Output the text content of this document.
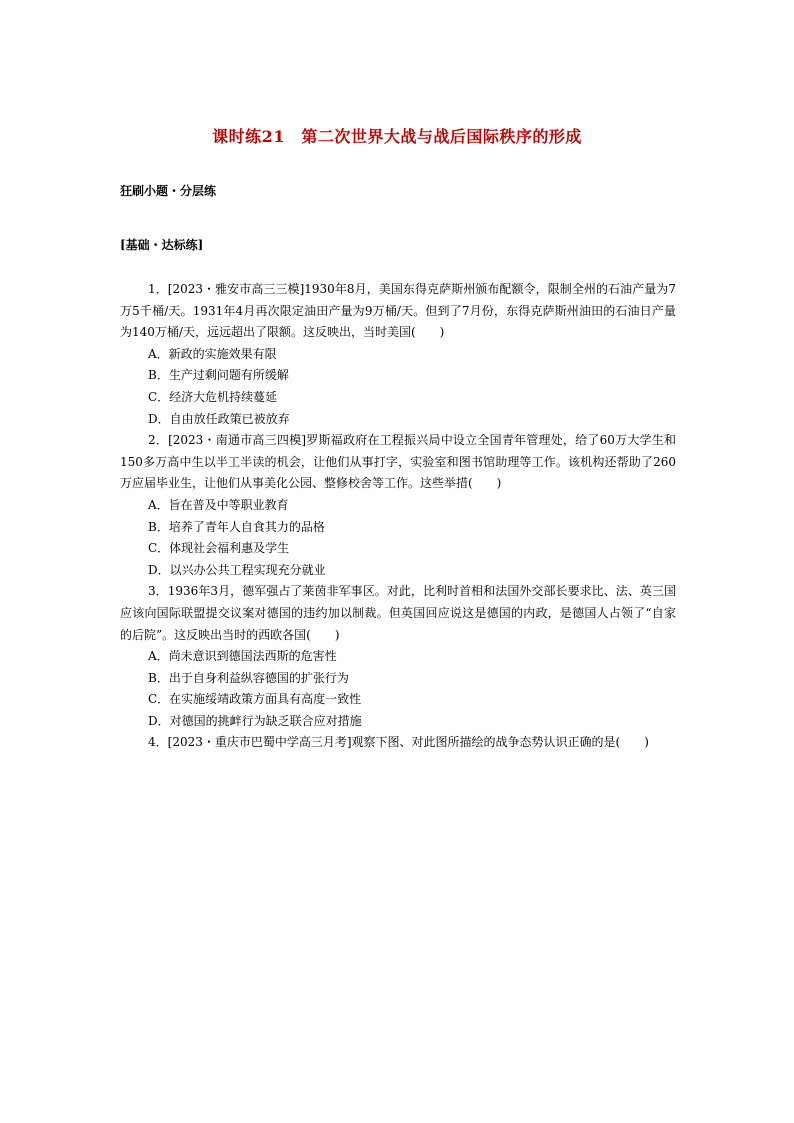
课时练21　第二次世界大战与战后国际秩序的形成
狂刷小题・分层练
[基础・达标练]

1．[2023・雅安市高三三模]1930年8月，美国东得克萨斯州颁布配额令，限制全州的石油产量为7万5千桶/天。1931年4月再次限定油田产量为9万桶/天。但到了7月份，东得克萨斯州油田的石油日产量为140万桶/天，远远超出了限额。这反映出，当时美国(　　)

A．新政的实施效果有限

B．生产过剩问题有所缓解

C．经济大危机持续蔓延

D．自由放任政策已被放弃

2．[2023・南通市高三四模]罗斯福政府在工程振兴局中设立全国青年管理处，给了60万大学生和150多万高中生以半工半读的机会，让他们从事打字，实验室和图书馆助理等工作。该机构还帮助了260万应届毕业生，让他们从事美化公园、整修校舍等工作。这些举措(　　)

A．旨在普及中等职业教育

B．培养了青年人自食其力的品格

C．体现社会福利惠及学生

D．以兴办公共工程实现充分就业

3．1936年3月，德军强占了莱茵非军事区。对此，比利时首相和法国外交部长要求比、法、英三国应该向国际联盟提交议案对德国的违约加以制裁。但英国回应说这是德国的内政，是德国人占领了“自家的后院”。这反映出当时的西欧各国(　　)

A．尚未意识到德国法西斯的危害性

B．出于自身利益纵容德国的扩张行为

C．在实施绥靖政策方面具有高度一致性

D．对德国的挑衅行为缺乏联合应对措施

4．[2023・重庆市巴蜀中学高三月考]观察下图、对此图所描绘的战争态势认识正确的是(　　)
